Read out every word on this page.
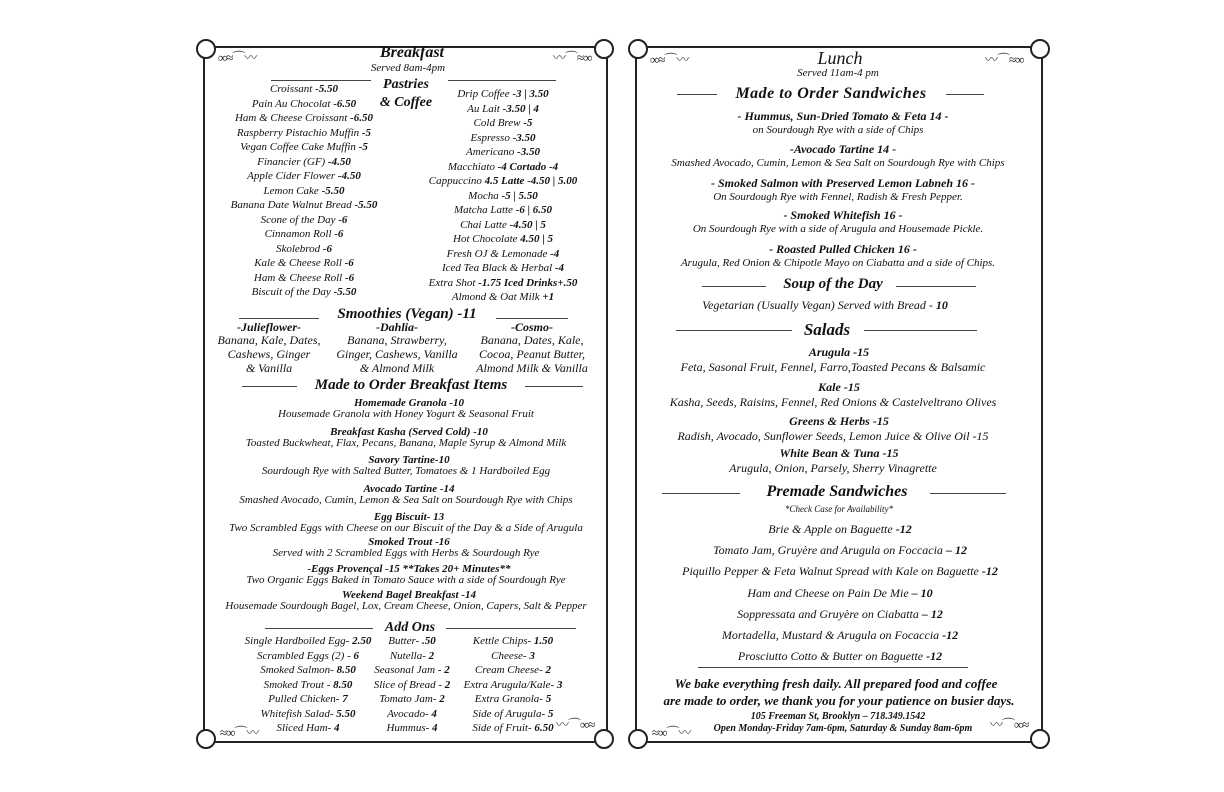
∞≈⌒〰	〰⌒≈∞
≈∞⌒〰
〰⌒∞≈
Breakfast
Served 8am-4pm
Pastries
& Coffee
Croissant -5.50
Pain Au Chocolat -6.50
Ham & Cheese Croissant -6.50
Raspberry Pistachio Muffin -5
Vegan Coffee Cake Muffin -5
Financier (GF) -4.50
Apple Cider Flower -4.50
Lemon Cake -5.50
Banana Date Walnut Bread -5.50
Scone of the Day -6
Cinnamon Roll -6
Skolebrod -6
Kale & Cheese Roll -6
Ham & Cheese Roll -6
Biscuit of the Day -5.50
Drip Coffee -3 | 3.50
Au Lait -3.50 | 4
Cold Brew -5
Espresso -3.50
Americano -3.50
Macchiato -4 Cortado -4
Cappuccino 4.5 Latte -4.50 | 5.00
Mocha -5 | 5.50
Matcha Latte -6 | 6.50
Chai Latte -4.50 | 5
Hot Chocolate 4.50 | 5
Fresh OJ & Lemonade -4
Iced Tea Black & Herbal -4
Extra Shot -1.75 Iced Drinks+.50
Almond & Oat Milk +1
Smoothies (Vegan) -11
-Julieflower-
Banana, Kale, Dates,
Cashews, Ginger
& Vanilla
-Dahlia-
Banana, Strawberry,
Ginger, Cashews, Vanilla
& Almond Milk
-Cosmo-
Banana, Dates, Kale,
Cocoa, Peanut Butter,
Almond Milk & Vanilla
Made to Order Breakfast Items
Homemade Granola -10
Housemade Granola with Honey Yogurt & Seasonal Fruit
Breakfast Kasha (Served Cold) -10
Toasted Buckwheat, Flax, Pecans, Banana, Maple Syrup & Almond Milk
Savory Tartine-10
Sourdough Rye with Salted Butter, Tomatoes & 1 Hardboiled Egg
Avocado Tartine -14
Smashed Avocado, Cumin, Lemon & Sea Salt on Sourdough Rye with Chips
Egg Biscuit- 13
Two Scrambled Eggs with Cheese on our Biscuit of the Day & a Side of Arugula
Smoked Trout -16
Served with 2 Scrambled Eggs with Herbs & Sourdough Rye
-Eggs Provençal -15 **Takes 20+ Minutes**
Two Organic Eggs Baked in Tomato Sauce with a side of Sourdough Rye
Weekend Bagel Breakfast -14
Housemade Sourdough Bagel, Lox, Cream Cheese, Onion, Capers, Salt & Pepper
Add Ons
Single Hardboiled Egg- 2.50
Scrambled Eggs (2) - 6
Smoked Salmon- 8.50
Smoked Trout - 8.50
Pulled Chicken- 7
Whitefish Salad- 5.50
Sliced Ham- 4
Butter- .50
Nutella- 2
Seasonal Jam - 2
Slice of Bread - 2
Tomato Jam- 2
Avocado- 4
Hummus- 4
Kettle Chips- 1.50
Cheese- 3
Cream Cheese- 2
Extra Arugula/Kale- 3
Extra Granola- 5
Side of Arugula- 5
Side of Fruit- 6.50
∞≈⌒〰	〰⌒≈∞
≈∞⌒〰
〰⌒∞≈
Lunch
Served 11am-4 pm
Made to Order Sandwiches
- Hummus, Sun-Dried Tomato & Feta 14 -
on Sourdough Rye with a side of Chips
-Avocado Tartine 14 -
Smashed Avocado, Cumin, Lemon & Sea Salt on Sourdough Rye with Chips
- Smoked Salmon with Preserved Lemon Labneh 16 -
On Sourdough Rye with Fennel, Radish & Fresh Pepper.
- Smoked Whitefish 16 -
On Sourdough Rye with a side of Arugula and Housemade Pickle.
- Roasted Pulled Chicken 16 -
Arugula, Red Onion & Chipotle Mayo on Ciabatta and a side of Chips.
Soup of the Day
Vegetarian (Usually Vegan) Served with Bread - 10
Salads
Arugula -15
Feta, Sasonal Fruit, Fennel, Farro,Toasted Pecans & Balsamic
Kale -15
Kasha, Seeds, Raisins, Fennel, Red Onions & Castelveltrano Olives
Greens & Herbs -15
Radish, Avocado, Sunflower Seeds, Lemon Juice & Olive Oil -15
White Bean & Tuna -15
Arugula, Onion, Parsely, Sherry Vinagrette
Premade Sandwiches
*Check Case for Availability*
Brie & Apple on Baguette -12
Tomato Jam, Gruyère and Arugula on Foccacia – 12
Piquillo Pepper & Feta Walnut Spread with Kale on Baguette -12
Ham and Cheese on Pain De Mie – 10
Soppressata and Gruyère on Ciabatta – 12
Mortadella, Mustard & Arugula on Focaccia -12
Prosciutto Cotto & Butter on Baguette -12
We bake everything fresh daily. All prepared food and coffee
are made to order, we thank you for your patience on busier days.
105 Freeman St, Brooklyn – 718.349.1542
Open Monday-Friday 7am-6pm, Saturday & Sunday 8am-6pm
